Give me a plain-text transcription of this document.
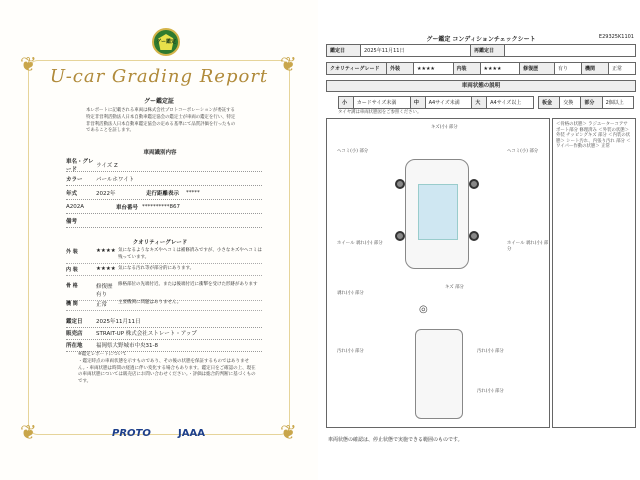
❦	❦
❦	❦
グー鑑定
U-car Grading Report
グー鑑定証
本レポートに記載される車両は株式会社プロトコーポレーションが委託する特定非営利活動法人日本自動車鑑定協会の鑑定士が車両の鑑定を行い、特定非営利活動法人日本自動車鑑定協会の定める基準にて品質評価を行ったものであることを証します。
車両識別内容
車名・グレード
ライズ Z
カラー	パールホワイト
年式	2022年	走行距離表示	*****
A202A	車台番号 **********867
備考
クオリティーグレード
外 装	★★★★ 気になるようなキズやヘコミは補修済みですが、小さなキズやヘコミは残っています。
内 装	★★★★ 気になる汚れ等が部分的にあります。
骨 格	修復歴 有り
修格部位の先端付近、または後端付近に衝撃を受けた形跡があります
機 関	正常	主要機関に問題はありません。
鑑定日	2025年11月11日
販売店	STRAIT-UP 株式会社ストレート・アップ
所在地	福岡県大野城市中央31-8
※鑑定レポートについて
・鑑定時点の車両状態を示すものであり、その後の状態を保証するものではありません。・車両状態は時間の経過に伴い変化する場合もあります。鑑定日をご確認の上、現在の車両状態については販売店にお問い合わせください。・評価は総合的判断に基づくものです。
PROTO	JAAA
グー鑑定 コンディションチェックシート	E29325K1101
鑑定日	2025年11月11日	再鑑定日	
クオリティーグレード	外装	★★★★	内装	★★★★	修復歴	有り	機関	正常
車両状態の説明
小	カードサイズ未満	中	A4サイズ未満	大	A4サイズ以上	板金	交換	部分	2個以上
タイヤ溝は車両状態図をご参照ください。
◎
キズ(小) 部分
ヘコミ(小) 部分	ヘコミ(小) 部分
ホイール 剥れ(小) 部分	ホイール 剥れ(小) 部分
剥れ(小) 部分
キズ 部分
汚れ(小) 部分	汚れ(小) 部分
汚れ(小) 部分
＜骨格の状態＞ ラジエーターコアサポート部分 修理済み ＜外装の状態＞ 外装 チッピングキズ 部分 ＜内装の状態＞ シート汚れ、内張り汚れ 部分 ＜ワイパー作動の状態＞ 正常
車両状態の確認は、停止状態で実施できる範囲のものです。
